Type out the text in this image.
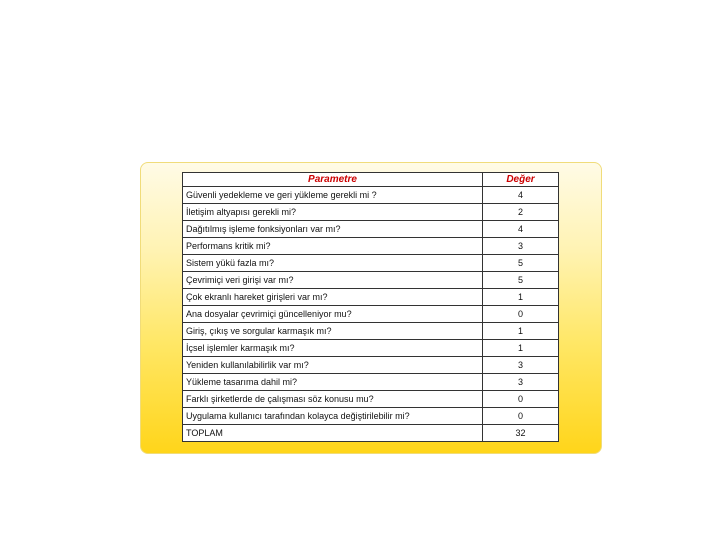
Parametre	Değer
Güvenli yedekleme ve geri yükleme gerekli mi ?	4
İletişim altyapısı gerekli mi?	2
Dağıtılmış işleme fonksiyonları var mı?	4
Performans kritik mi?	3
Sistem yükü fazla mı?	5
Çevrimiçi veri girişi var mı?	5
Çok ekranlı hareket girişleri var mı?	1
Ana dosyalar çevrimiçi güncelleniyor mu?	0
Giriş, çıkış ve sorgular karmaşık mı?	1
İçsel işlemler karmaşık mı?	1
Yeniden kullanılabilirlik var mı?	3
Yükleme tasarıma dahil mi?	3
Farklı şirketlerde de çalışması söz konusu mu?	0
Uygulama kullanıcı tarafından kolayca değiştirilebilir mi?	0
TOPLAM	32
